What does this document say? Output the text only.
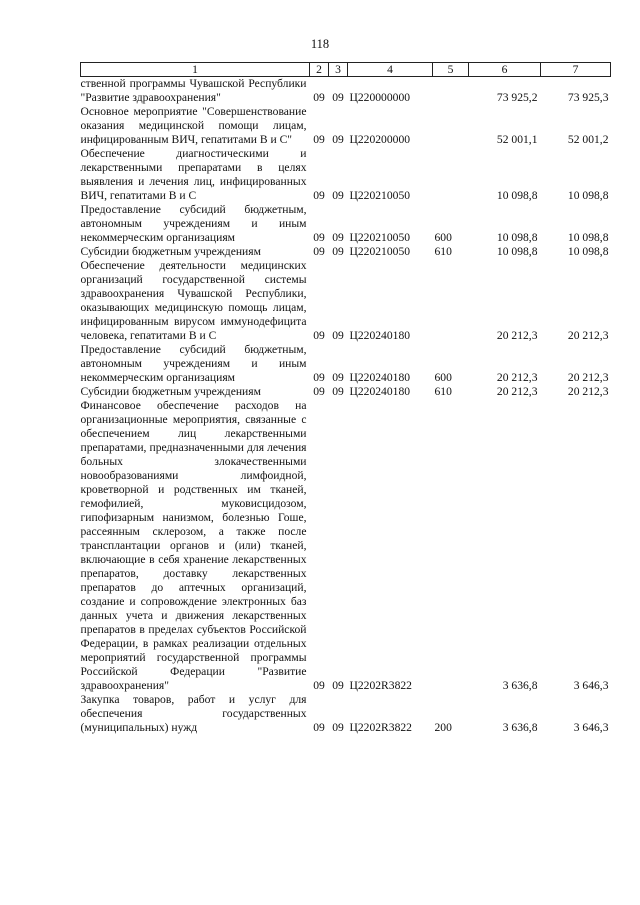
118
1	2	3	4	5	6	7

ственной программы Чувашской Республики "Развитие здравоохранения"	09	09	Ц220000000		73 925,2	73 925,3

Основное мероприятие "Совершенствование оказания медицинской помощи лицам, инфицированным ВИЧ, гепатитами В и С"	09	09	Ц220200000		52 001,1	52 001,2

Обеспечение диагностическими и лекарственными препаратами в целях выявления и лечения лиц, инфицированных ВИЧ, гепатитами В и С	09	09	Ц220210050		10 098,8	10 098,8

Предоставление субсидий бюджетным, автономным учреждениям и иным некоммерческим организациям	09	09	Ц220210050	600	10 098,8	10 098,8

Субсидии бюджетным учреждениям	09	09	Ц220210050	610	10 098,8	10 098,8

Обеспечение деятельности медицинских организаций государственной системы здравоохранения Чувашской Республики, оказывающих медицинскую помощь лицам, инфицированным вирусом иммунодефицита человека, гепатитами В и С	09	09	Ц220240180		20 212,3	20 212,3

Предоставление субсидий бюджетным, автономным учреждениям и иным некоммерческим организациям	09	09	Ц220240180	600	20 212,3	20 212,3

Субсидии бюджетным учреждениям	09	09	Ц220240180	610	20 212,3	20 212,3

Финансовое обеспечение расходов на организационные мероприятия, связанные с обеспечением лиц лекарственными препаратами, предназначенными для лечения больных злокачественными новообразованиями лимфоидной, кроветворной и родственных им тканей, гемофилией, муковисцидозом, гипофизарным нанизмом, болезнью Гоше, рассеянным склерозом, а также после трансплантации органов и (или) тканей, включающие в себя хранение лекарственных препаратов, доставку лекарственных препаратов до аптечных организаций, создание и сопровождение электронных баз данных учета и движения лекарственных препаратов в пределах субъектов Российской Федерации, в рамках реализации отдельных мероприятий государственной программы Российской Федерации "Развитие здравоохранения"	09	09	Ц2202R3822		3 636,8	3 646,3

Закупка товаров, работ и услуг для обеспечения государственных (муниципальных) нужд	09	09	Ц2202R3822	200	3 636,8	3 646,3
